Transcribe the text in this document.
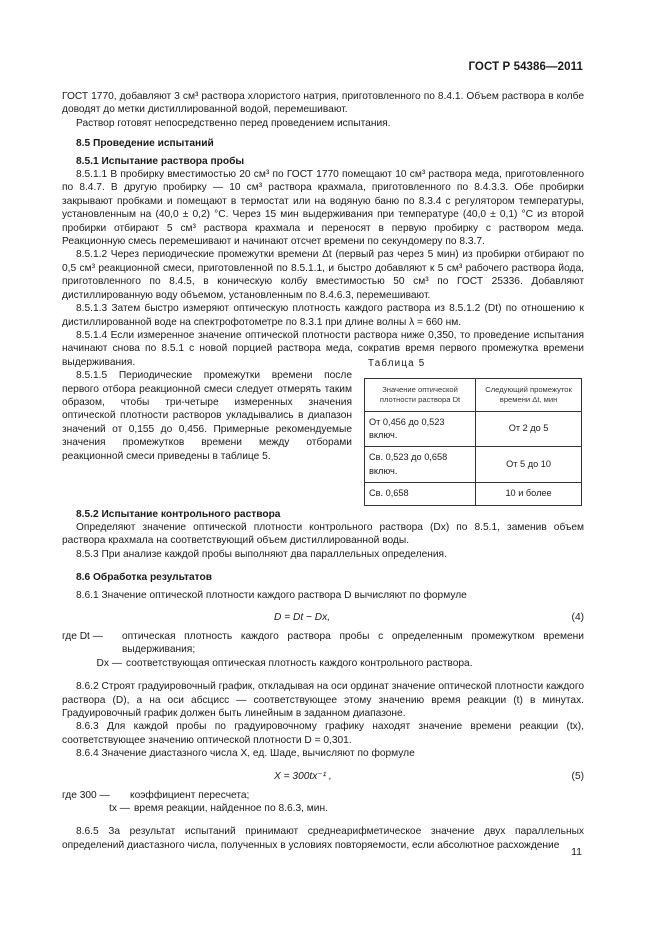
ГОСТ Р 54386—2011

ГОСТ 1770, добавляют 3 см³ раствора хлористого натрия, приготовленного по 8.4.1. Объем раствора в колбе доводят до метки дистиллированной водой, перемешивают.

Раствор готовят непосредственно перед проведением испытания.

8.5 Проведение испытаний

8.5.1 Испытание раствора пробы

8.5.1.1 В пробирку вместимостью 20 см³ по ГОСТ 1770 помещают 10 см³ раствора меда, приготовленного по 8.4.7. В другую пробирку — 10 см³ раствора крахмала, приготовленного по 8.4.3.3. Обе пробирки закрывают пробками и помещают в термостат или на водяную баню по 8.3.4 с регулятором температуры, установленным на (40,0 ± 0,2) °С. Через 15 мин выдерживания при температуре (40,0 ± 0,1) °С из второй пробирки отбирают 5 см³ раствора крахмала и переносят в первую пробирку с раствором меда. Реакционную смесь перемешивают и начинают отсчет времени по секундомеру по 8.3.7.

8.5.1.2 Через периодические промежутки времени Δt (первый раз через 5 мин) из пробирки отбирают по 0,5 см³ реакционной смеси, приготовленной по 8.5.1.1, и быстро добавляют к 5 см³ рабочего раствора йода, приготовленного по 8.4.5, в коническую колбу вместимостью 50 см³ по ГОСТ 25336. Добавляют дистиллированную воду объемом, установленным по 8.4.6.3, перемешивают.

8.5.1.3 Затем быстро измеряют оптическую плотность каждого раствора из 8.5.1.2 (Dt) по отношению к дистиллированной воде на спектрофотометре по 8.3.1 при длине волны λ = 660 нм.

8.5.1.4 Если измеренное значение оптической плотности раствора ниже 0,350, то проведение испытания начинают снова по 8.5.1 с новой порцией раствора меда, сократив время первого промежутка времени выдерживания.	Таблица 5
Значение оптической плотности раствора Dt	Следующий промежуток времени Δt, мин
От 0,456 до 0,523 включ.	От 2 до 5
Св. 0,523 до 0,658 включ.	От 5 до 10
Св. 0,658	10 и более

8.5.1.5 Периодические промежутки времени после первого отбора реакционной смеси следует отмерять таким образом, чтобы три-четыре измеренных значения оптической плотности растворов укладывались в диапазон значений от 0,155 до 0,456. Примерные рекомендуемые значения промежутков времени между отборами реакционной смеси приведены в таблице 5.

8.5.2 Испытание контрольного раствора

Определяют значение оптической плотности контрольного раствора (Dx) по 8.5.1, заменив объем раствора крахмала на соответствующий объем дистиллированной воды.

8.5.3 При анализе каждой пробы выполняют два параллельных определения.

8.6 Обработка результатов

8.6.1 Значение оптической плотности каждого раствора D вычисляют по формуле

D = Dt − Dx,	(4)
где Dt —	оптическая плотность каждого раствора пробы с определенным промежутком времени выдерживания;
Dx — соответствующая оптическая плотность каждого контрольного раствора.

8.6.2 Строят градуировочный график, откладывая на оси ординат значение оптической плотности каждого раствора (D), а на оси абсцисс — соответствующее этому значению время реакции (t) в минутах. Градуировочный график должен быть линейным в заданном диапазоне.

8.6.3 Для каждой пробы по градуировочному графику находят значение времени реакции (tx), соответствующее значению оптической плотности D = 0,301.

8.6.4 Значение диастазного числа X, ед. Шаде, вычисляют по формуле

X = 300tx⁻¹ ,	(5)
где 300 —	коэффициент пересчета;
tx — время реакции, найденное по 8.6.3, мин.

8.6.5 За результат испытаний принимают среднеарифметическое значение двух параллельных определений диастазного числа, полученных в условиях повторяемости, если абсолютное расхождение

11
